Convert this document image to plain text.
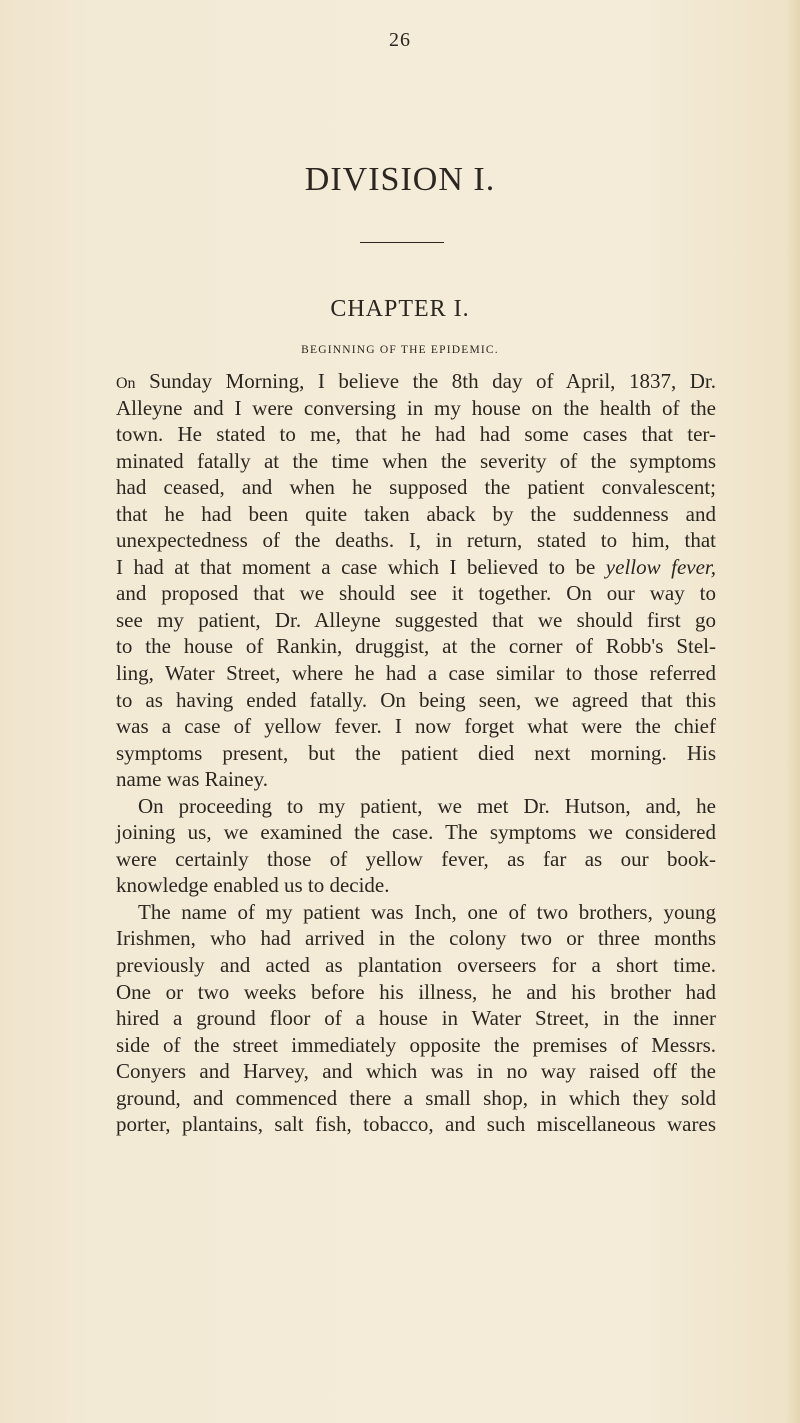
26
DIVISION I.
CHAPTER I.
BEGINNING OF THE EPIDEMIC.
On Sunday Morning, I believe the 8th day of April, 1837, Dr.
Alleyne and I were conversing in my house on the health of the
town. He stated to me, that he had had some cases that ter-
minated fatally at the time when the severity of the symptoms
had ceased, and when he supposed the patient convalescent;
that he had been quite taken aback by the suddenness and
unexpectedness of the deaths. I, in return, stated to him, that
I had at that moment a case which I believed to be yellow fever,
and proposed that we should see it together. On our way to
see my patient, Dr. Alleyne suggested that we should first go
to the house of Rankin, druggist, at the corner of Robb's Stel-
ling, Water Street, where he had a case similar to those referred
to as having ended fatally. On being seen, we agreed that this
was a case of yellow fever. I now forget what were the chief
symptoms present, but the patient died next morning. His
name was Rainey.
On proceeding to my patient, we met Dr. Hutson, and, he
joining us, we examined the case. The symptoms we considered
were certainly those of yellow fever, as far as our book-
knowledge enabled us to decide.
The name of my patient was Inch, one of two brothers, young
Irishmen, who had arrived in the colony two or three months
previously and acted as plantation overseers for a short time.
One or two weeks before his illness, he and his brother had
hired a ground floor of a house in Water Street, in the inner
side of the street immediately opposite the premises of Messrs.
Conyers and Harvey, and which was in no way raised off the
ground, and commenced there a small shop, in which they sold
porter, plantains, salt fish, tobacco, and such miscellaneous wares
